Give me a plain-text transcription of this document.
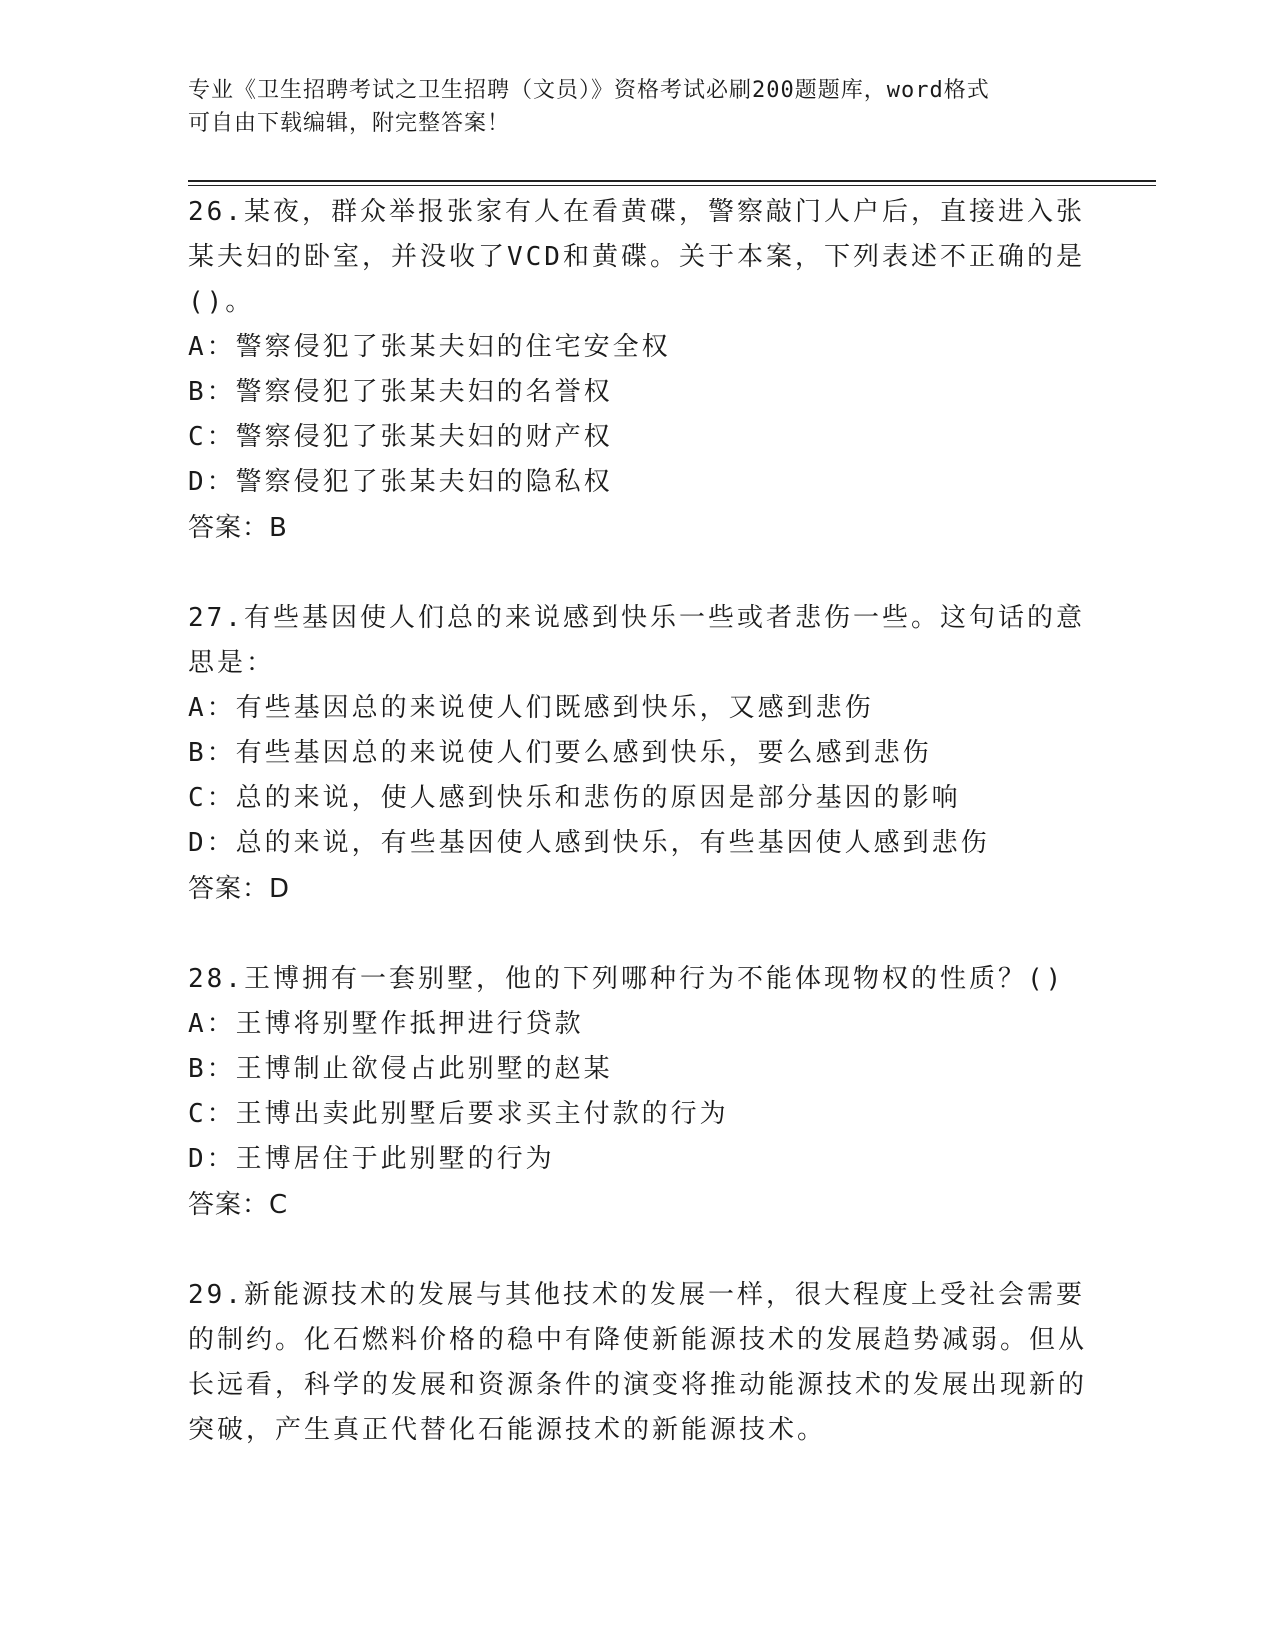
专业《卫生招聘考试之卫生招聘（文员）》资格考试必刷200题题库，word格式
可自由下载编辑，附完整答案！
26.某夜，群众举报张家有人在看黄碟，警察敲门人户后，直接进入张某夫妇的卧室，并没收了VCD和黄碟。关于本案，下列表述不正确的是()。
A：警察侵犯了张某夫妇的住宅安全权
B：警察侵犯了张某夫妇的名誉权
C：警察侵犯了张某夫妇的财产权
D：警察侵犯了张某夫妇的隐私权
答案：B
27.有些基因使人们总的来说感到快乐一些或者悲伤一些。这句话的意思是：
A：有些基因总的来说使人们既感到快乐，又感到悲伤
B：有些基因总的来说使人们要么感到快乐，要么感到悲伤
C：总的来说，使人感到快乐和悲伤的原因是部分基因的影响
D：总的来说，有些基因使人感到快乐，有些基因使人感到悲伤
答案：D
28.王博拥有一套别墅，他的下列哪种行为不能体现物权的性质？()
A：王博将别墅作抵押进行贷款
B：王博制止欲侵占此别墅的赵某
C：王博出卖此别墅后要求买主付款的行为
D：王博居住于此别墅的行为
答案：C
29.新能源技术的发展与其他技术的发展一样，很大程度上受社会需要的制约。化石燃料价格的稳中有降使新能源技术的发展趋势减弱。但从长远看，科学的发展和资源条件的演变将推动能源技术的发展出现新的突破，产生真正代替化石能源技术的新能源技术。
